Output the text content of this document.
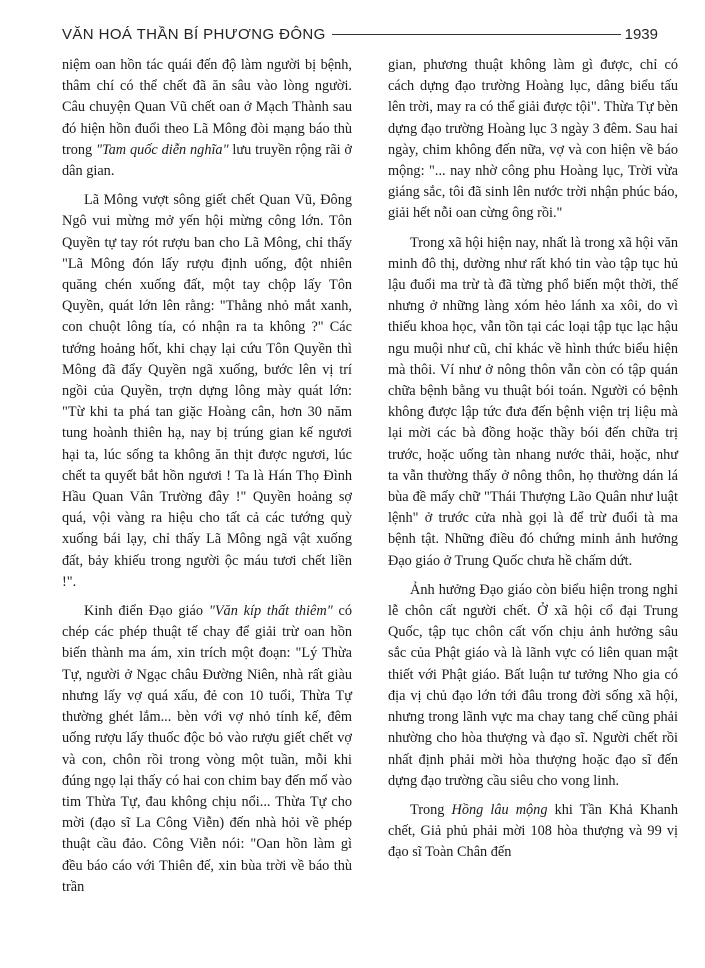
VĂN HOÁ THẦN BÍ PHƯƠNG ĐÔNG	1939

niệm oan hồn tác quái đến độ làm người bị bệnh, thâm chí có thể chết đã ăn sâu vào lòng người. Câu chuyện Quan Vũ chết oan ở Mạch Thành sau đó hiện hồn đuổi theo Lã Mông đòi mạng báo thù trong "Tam quốc diễn nghĩa" lưu truyền rộng rãi ở dân gian.

Lã Mông vượt sông giết chết Quan Vũ, Đông Ngô vui mừng mở yến hội mừng công lớn. Tôn Quyền tự tay rót rượu ban cho Lã Mông, chỉ thấy "Lã Mông đón lấy rượu định uống, đột nhiên quăng chén xuống đất, một tay chộp lấy Tôn Quyền, quát lớn lên rằng: "Thằng nhỏ mắt xanh, con chuột lông tía, có nhận ra ta không ?" Các tướng hoảng hốt, khi chạy lại cứu Tôn Quyền thì Mông đã đẩy Quyền ngã xuống, bước lên vị trí ngồi của Quyền, trợn dựng lông mày quát lớn: "Từ khi ta phá tan giặc Hoàng cân, hơn 30 năm tung hoành thiên hạ, nay bị trúng gian kế ngươi hại ta, lúc sống ta không ăn thịt được ngươi, lúc chết ta quyết bắt hồn ngươi ! Ta là Hán Thọ Đình Hầu Quan Vân Trường đây !" Quyền hoảng sợ quá, vội vàng ra hiệu cho tất cả các tướng quỳ xuống bái lạy, chỉ thấy Lã Mông ngã vật xuống đất, bảy khiếu trong người ộc máu tươi chết liền !".

Kinh điển Đạo giáo "Văn kíp thất thiêm" có chép các phép thuật tế chay để giải trừ oan hồn biến thành ma ám, xin trích một đoạn: "Lý Thừa Tự, người ở Ngạc châu Đường Niên, nhà rất giàu nhưng lấy vợ quá xấu, đẻ con 10 tuổi, Thừa Tự thường ghét lắm... bèn với vợ nhỏ tính kế, đêm uống rượu lấy thuốc độc bỏ vào rượu giết chết vợ và con, chôn rồi trong vòng một tuần, mỗi khi đúng ngọ lại thấy có hai con chim bay đến mổ vào tim Thừa Tự, đau không chịu nổi... Thừa Tự cho mời (đạo sĩ La Công Viễn) đến nhà hỏi về phép thuật cầu đảo. Công Viễn nói: "Oan hồn làm gì đều báo cáo với Thiên đế, xin bùa trời về báo thù trần

gian, phương thuật không làm gì được, chỉ có cách dựng đạo trường Hoàng lục, dâng biểu tấu lên trời, may ra có thể giải được tội". Thừa Tự bèn dựng đạo trường Hoàng lục 3 ngày 3 đêm. Sau hai ngày, chim không đến nữa, vợ và con hiện về báo mộng: "... nay nhờ công phu Hoàng lục, Trời vừa giáng sắc, tôi đã sinh lên nước trời nhận phúc báo, giải hết nỗi oan cừng ông rồi."

Trong xã hội hiện nay, nhất là trong xã hội văn minh đô thị, dường như rất khó tin vào tập tục hủ lậu đuổi ma trừ tà đã từng phổ biến một thời, thế nhưng ở những làng xóm hẻo lánh xa xôi, do vì thiếu khoa học, vẫn tồn tại các loại tập tục lạc hậu ngu muội như cũ, chỉ khác về hình thức biểu hiện mà thôi. Ví như ở nông thôn vẫn còn có tập quán chữa bệnh bằng vu thuật bói toán. Người có bệnh không được lập tức đưa đến bệnh viện trị liệu mà lại mời các bà đồng hoặc thầy bói đến chữa trị trước, hoặc uống tàn nhang nước thải, hoặc, như ta vẫn thường thấy ở nông thôn, họ thường dán lá bùa đề mấy chữ "Thái Thượng Lão Quân như luật lệnh" ở trước cửa nhà gọi là để trừ đuổi tà ma bệnh tật. Những điều đó chứng minh ảnh hưởng Đạo giáo ở Trung Quốc chưa hề chấm dứt.

Ảnh hưởng Đạo giáo còn biểu hiện trong nghi lễ chôn cất người chết. Ở xã hội cổ đại Trung Quốc, tập tục chôn cất vốn chịu ảnh hưởng sâu sắc của Phật giáo và là lãnh vực có liên quan mật thiết với Phật giáo. Bất luận tư tưởng Nho gia có địa vị chủ đạo lớn tới đâu trong đời sống xã hội, nhưng trong lãnh vực ma chay tang chế cũng phải nhường cho hòa thượng và đạo sĩ. Người chết rồi nhất định phải mời hòa thượng hoặc đạo sĩ đến dựng đạo trường cầu siêu cho vong linh.

Trong Hồng lâu mộng khi Tần Khả Khanh chết, Giả phủ phải mời 108 hòa thượng và 99 vị đạo sĩ Toàn Chân đến
